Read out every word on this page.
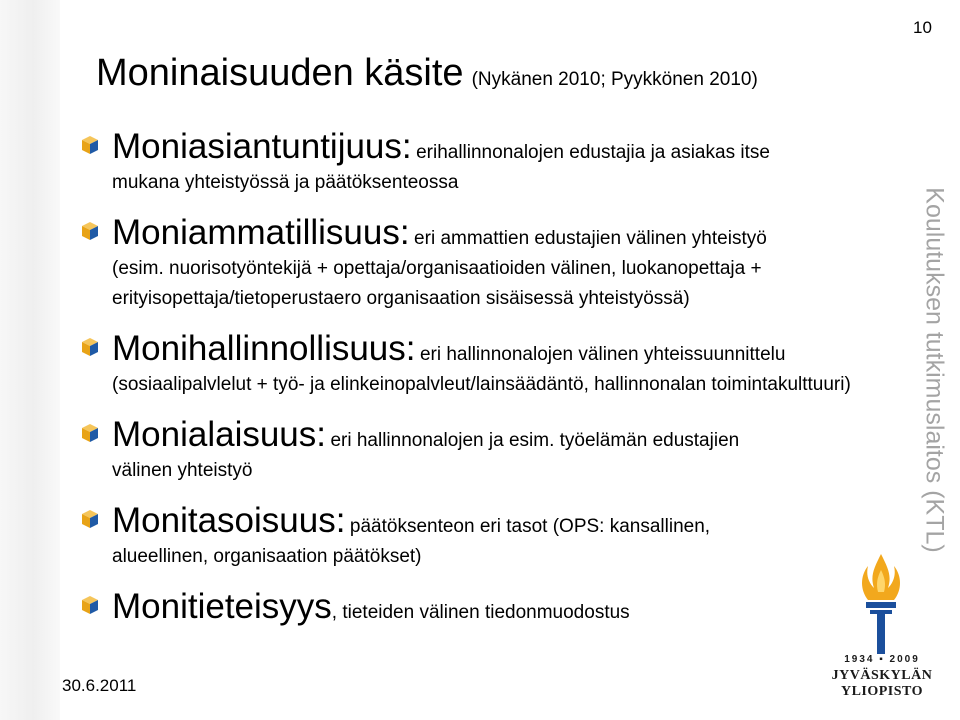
10
Moninaisuuden käsite (Nykänen 2010; Pyykkönen 2010)
Moniasiantuntijuus: erihallinnonalojen edustajia ja asiakas itse
mukana yhteistyössä ja päätöksenteossa
Moniammatillisuus: eri ammattien edustajien välinen yhteistyö
(esim. nuorisotyöntekijä + opettaja/organisaatioiden välinen, luokanopettaja + erityisopettaja/tietoperustaero organisaation sisäisessä yhteistyössä)
Monihallinnollisuus: eri hallinnonalojen välinen yhteissuunnittelu
(sosiaalipalvlelut + työ- ja elinkeinopalvleut/lainsäädäntö, hallinnonalan toimintakulttuuri)
Monialaisuus: eri hallinnonalojen ja esim. työelämän edustajien
välinen yhteistyö
Monitasoisuus: päätöksenteon eri tasot (OPS: kansallinen,
alueellinen, organisaation päätökset)
Monitieteisyys, tieteiden välinen tiedonmuodostus
Koulutuksen tutkimuslaitos (KTL)
1934 ▪ 2009
JYVÄSKYLÄN YLIOPISTO
30.6.2011
